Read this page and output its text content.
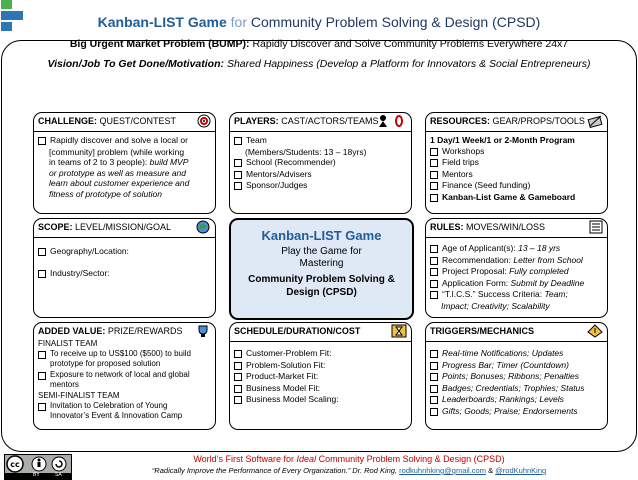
Kanban-LIST Game for Community Problem Solving & Design (CPSD)
Big Urgent Market Problem (BUMP): Rapidly Discover and Solve Community Problems Everywhere 24x7
Vision/Job To Get Done/Motivation: Shared Happiness (Develop a Platform for Innovators & Social Entrepreneurs)
CHALLENGE: QUEST/CONTEST
Rapidly discover and solve a local or
[community] problem (while working
in teams of 2 to 3 people): build MVP
or prototype as well as measure and
learn about customer experience and
fitness of prototype of solution
PLAYERS: CAST/ACTORS/TEAMS
Team
(Members/Students: 13 – 18yrs)
School (Recommender)
Mentors/Advisers
Sponsor/Judges
RESOURCES: GEAR/PROPS/TOOLS
1 Day/1 Week/1 or 2-Month Program
Workshops
Field trips
Mentors
Finance (Seed funding)
Kanban-List Game & Gameboard
SCOPE: LEVEL/MISSION/GOAL
Geography/Location:
Industry/Sector:
Kanban-LIST Game
Play the Game for
Mastering
Community Problem Solving &
Design (CPSD)
RULES: MOVES/WIN/LOSS
Age of Applicant(s): 13 – 18 yrs
Recommendation: Letter from School
Project Proposal: Fully completed
Application Form: Submit by Deadline
“T.I.C.S.” Success Criteria: Team;
Impact; Creativity; Scalability
ADDED VALUE: PRIZE/REWARDS
FINALIST TEAM
To receive up to US$100 ($500) to build
prototype for proposed solution
Exposure to network of local and global
mentors
SEMI-FINALIST TEAM
Invitation to Celebration of Young
Innovator’s Event & Innovation Camp
SCHEDULE/DURATION/COST
Customer-Problem Fit:
Problem-Solution Fit:
Product-Market Fit:
Business Model Fit:
Business Model Scaling:
TRIGGERS/MECHANICS
Real-time Notifications; Updates
Progress Bar; Timer (Countdown)
Points; Bonuses; Ribbons; Penalties
Badges; Credentials; Trophies; Status
Leaderboards; Rankings; Levels
Gifts; Goods; Praise; Endorsements
cc
BY	SA
World’s First Software for Ideal Community Problem Solving & Design (CPSD)
“Radically Improve the Performance of Every Organization.” Dr. Rod King, rodkuhnhking@gmail.com & @rodKuhnKing
